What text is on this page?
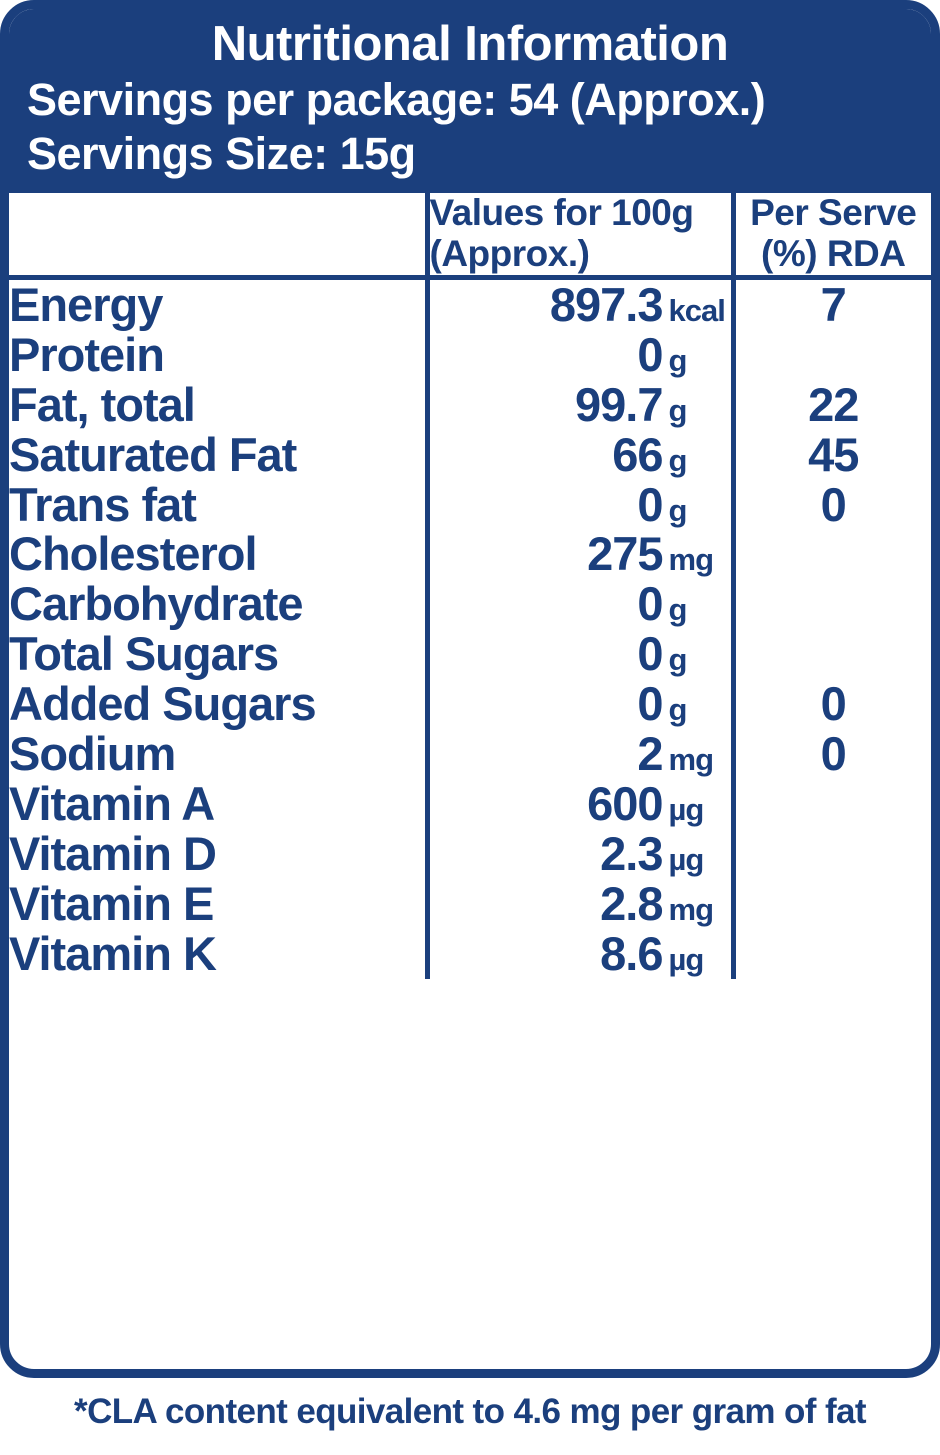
Nutritional Information
Servings per package: 54 (Approx.)
Servings Size: 15g
	Values for 100g (Approx.)	Per Serve (%) RDA
Energy	897.3 kcal	7
Protein	0 g	
Fat, total	99.7 g	22
Saturated Fat	66 g	45
Trans fat	0 g	0
Cholesterol	275 mg	
Carbohydrate	0 g	
Total Sugars	0 g	
Added Sugars	0 g	0
Sodium	2 mg	0
Vitamin A	600 µg	
Vitamin D	2.3 µg	
Vitamin E	2.8 mg	
Vitamin K	8.6 µg	
*CLA content equivalent to 4.6 mg per gram of fat
